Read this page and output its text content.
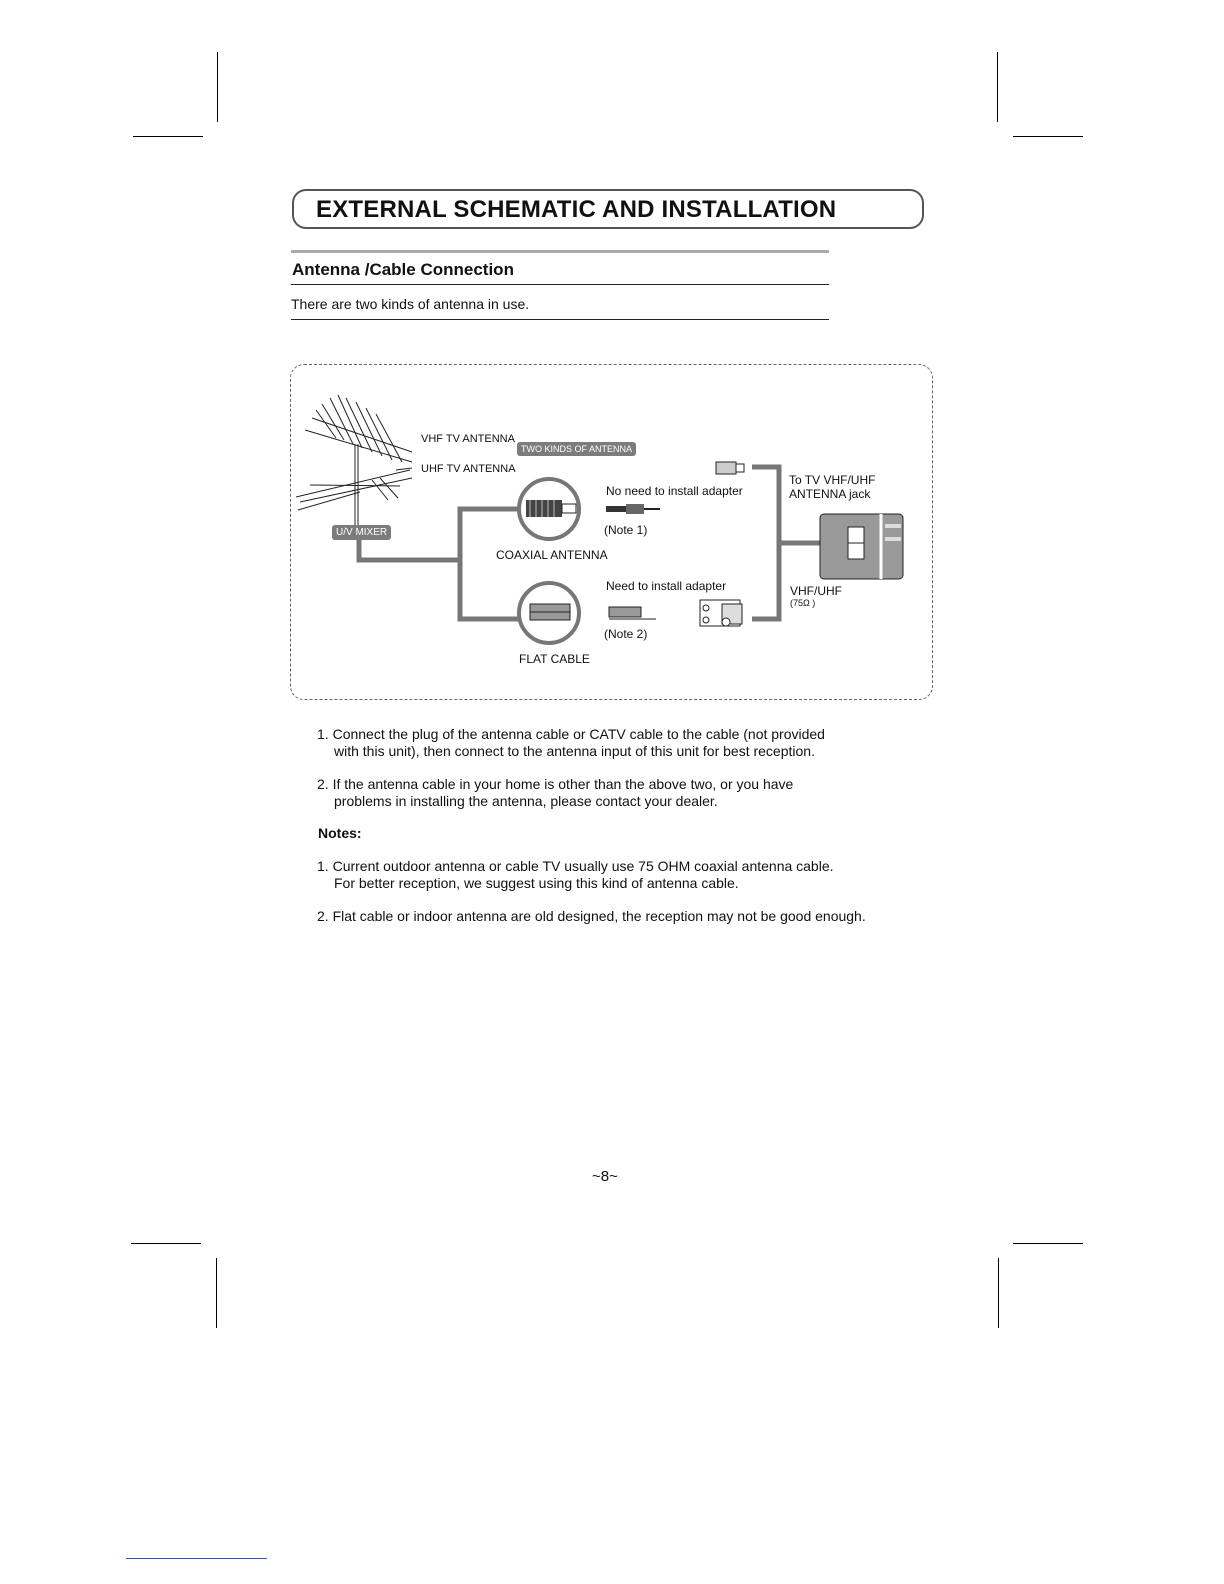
EXTERNAL SCHEMATIC AND INSTALLATION
Antenna /Cable Connection
There are two kinds of antenna in use.
VHF TV ANTENNA
TWO KINDS OF ANTENNA
UHF TV ANTENNA
U/V MIXER
No need to install adapter
(Note 1)
COAXIAL ANTENNA
Need to install adapter
(Note 2)
FLAT CABLE
To TV VHF/UHF
ANTENNA jack
VHF/UHF
(75Ω )
1. Connect the plug of the antenna cable or CATV cable to the cable (not provided
with this unit), then connect to the antenna input of this unit for best reception.
2. If the antenna cable in your home is other than the above two, or you have
problems in installing the antenna, please contact your dealer.
Notes:
1. Current outdoor antenna or cable TV usually use 75 OHM coaxial antenna cable.
For better reception, we suggest using this kind of antenna cable.
2. Flat cable or indoor antenna are old designed, the reception may not be good enough.
~8~
